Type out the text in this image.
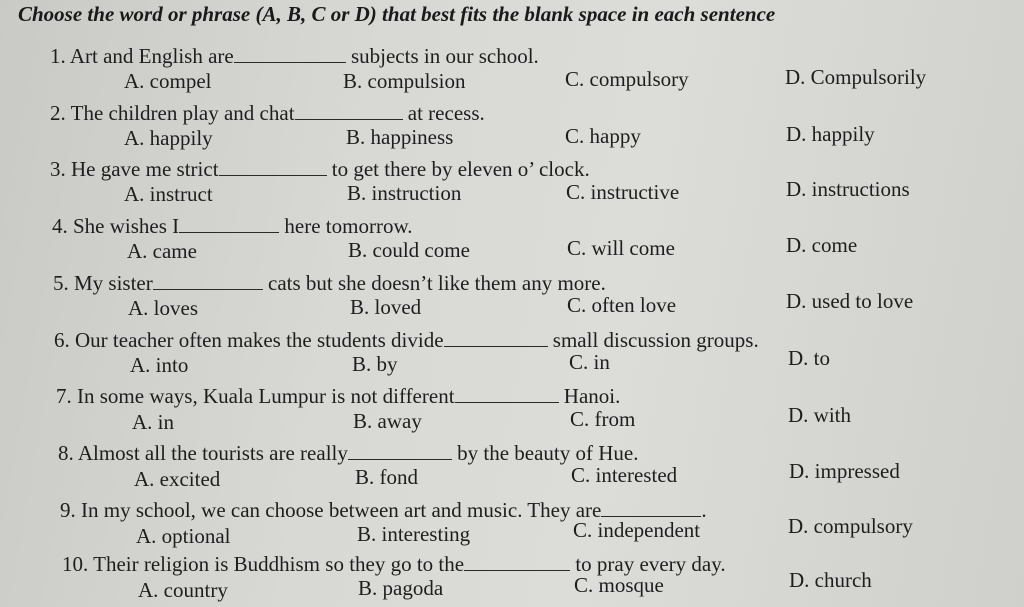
Choose the word or phrase (A, B, C or D) that best fits the blank space in each sentence
1. Art and English are	subjects in our school.
A. compel	B. compulsion	C. compulsory	D. Compulsorily
2. The children play and chat	at recess.
A. happily	B. happiness	C. happy	D. happily
3. He gave me strict	to get there by eleven o’ clock.
A. instruct	B. instruction	C. instructive	D. instructions
4. She wishes I	here tomorrow.
A. came	B. could come	C. will come	D. come
5. My sister	cats but she doesn’t like them any more.
A. loves	B. loved	C. often love	D. used to love
6. Our teacher often makes the students divide	small discussion groups.
A. into	B. by	C. in	D. to
7. In some ways, Kuala Lumpur is not different	Hanoi.
A. in	B. away	C. from	D. with
8. Almost all the tourists are really	by the beauty of Hue.
A. excited	B. fond	C. interested	D. impressed
9. In my school, we can choose between art and music. They are	.
A. optional	B. interesting	C. independent	D. compulsory
10. Their religion is Buddhism so they go to the	to pray every day.
A. country	B. pagoda	C. mosque	D. church
